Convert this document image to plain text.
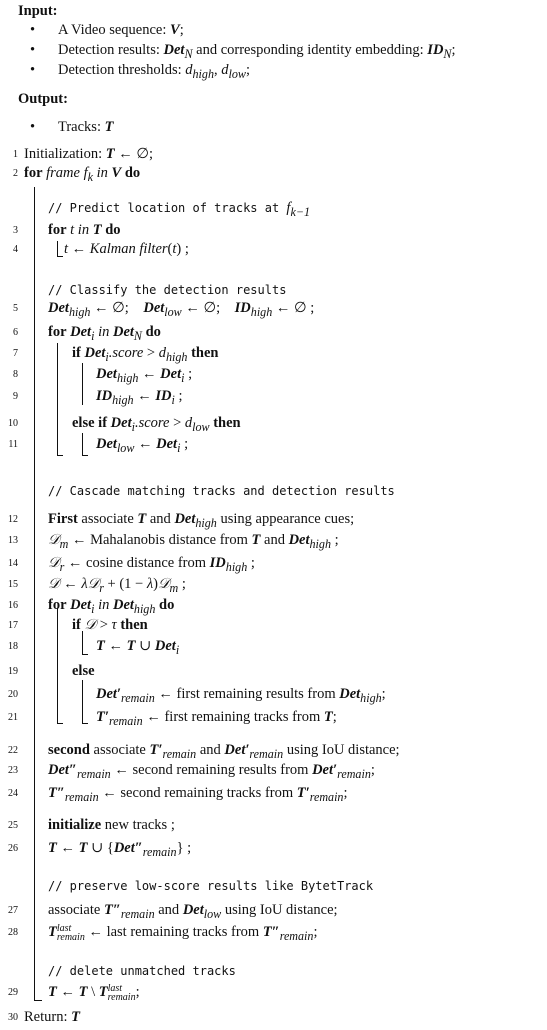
Input:
• A Video sequence: V;
• Detection results: Det$_N$ and corresponding identity embedding: $ID_N$;
• Detection thresholds: $d_{high}$, $d_{low}$;
Output:
• Tracks: T
1
2
3
4
5
6
7
8
9
10
11
12
13
14
15
16
17
18
19
20
21
22
23
24
25
26
27
28
29
30
Initialization: T ← ∅;
for frame $f_k$ in V do
// Predict location of tracks at $f_{k-1}$
for t in T do
t ← Kalman filter(t) ;
// Classify the detection results
Det$_{high}$ ← ∅;    Det$_{low}$ ← ∅;    $ID_{high}$ ← ∅ ;
for Det$_i$ in Det$_N$ do
if Det$_i$.score > $d_{high}$ then
Det$_{high}$ ← Det$_i$ ;
$ID_{high}$ ← $ID_i$ ;
else if Det$_i$.score > $d_{low}$ then
Det$_{low}$ ← Det$_i$ ;
// Cascade matching tracks and detection results
First associate T and Det$_{high}$ using appearance cues;
𝒟$_m$ ← Mahalanobis distance from T and Det$_{high}$ ;
𝒟$_r$ ← cosine distance from $ID_{high}$ ;
𝒟 ← λ𝒟$_r$ + (1 − λ)𝒟$_m$ ;
for Det$_i$ in Det$_{high}$ do
if 𝒟 > τ then
T ← T ∪ Det$_i$
else
$Det'_{remain}$ ← first remaining results from Det$_{high}$;
$T'_{remain}$ ← first remaining tracks from T;
second associate $T'_{remain}$ and $Det'_{remain}$ using IoU distance;
$Det''_{remain}$ ← second remaining results from $Det'_{remain}$;
$T''_{remain}$ ← second remaining tracks from $T'_{remain}$;
initialize new tracks ;
T ← T ∪ $\{Det''_{remain}\}$ ;
// preserve low-score results like BytetTrack
associate $T''_{remain}$ and Det$_{low}$ using IoU distance;
T last
remain ← last remaining tracks from $T''_{remain}$;
// delete unmatched tracks
T ← T \ T last
remain ;
Return: T
